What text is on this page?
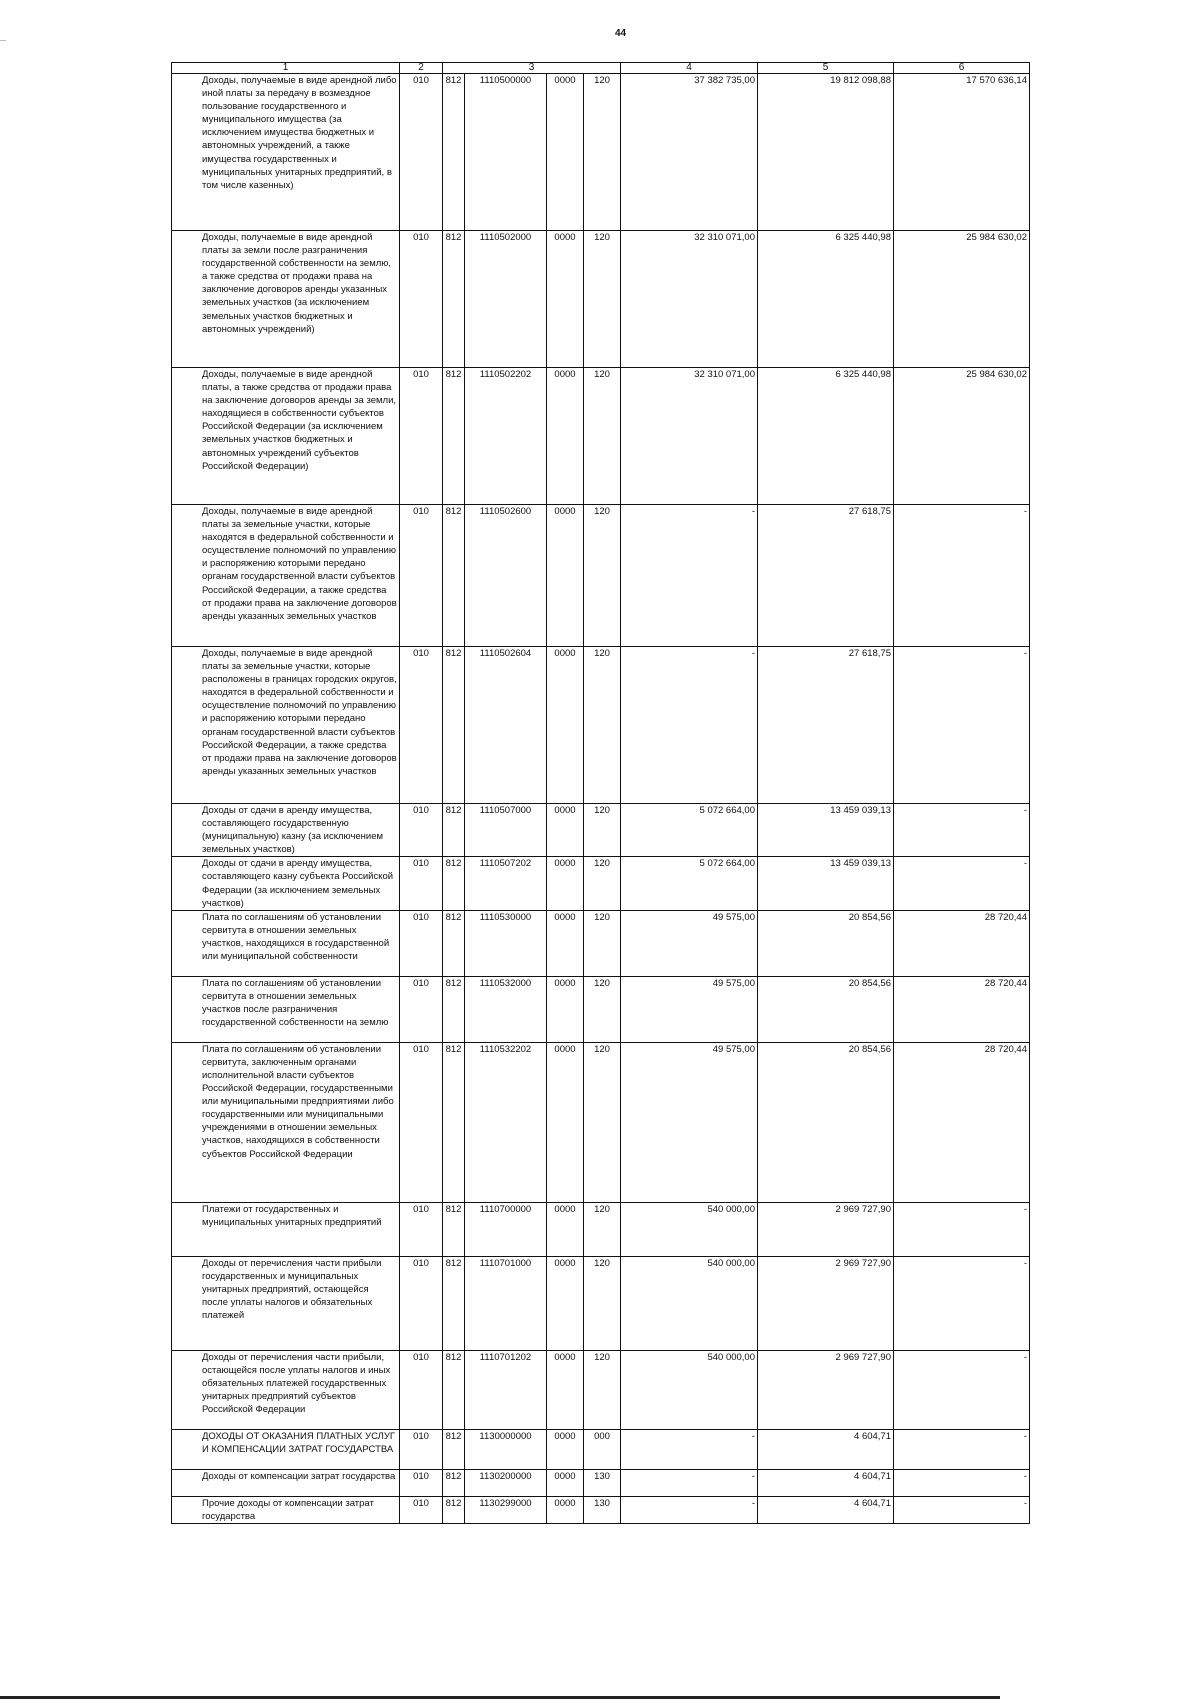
44
1	2	3				4	5	6
Доходы, получаемые в виде арендной либо иной платы за передачу в возмездное пользование государственного и муниципального имущества (за исключением имущества бюджетных и автономных учреждений, а также имущества государственных и муниципальных унитарных предприятий, в том числе казенных)	010	812	1110500000	0000	120	37 382 735,00	19 812 098,88	17 570 636,14
Доходы, получаемые в виде арендной платы за земли после разграничения государственной собственности на землю, а также средства от продажи права на заключение договоров аренды указанных земельных участков (за исключением земельных участков бюджетных и автономных учреждений)	010	812	1110502000	0000	120	32 310 071,00	6 325 440,98	25 984 630,02
Доходы, получаемые в виде арендной платы, а также средства от продажи права на заключение договоров аренды за земли, находящиеся в собственности субъектов Российской Федерации (за исключением земельных участков бюджетных и автономных учреждений субъектов Российской Федерации)	010	812	1110502202	0000	120	32 310 071,00	6 325 440,98	25 984 630,02
Доходы, получаемые в виде арендной платы за земельные участки, которые находятся в федеральной собственности и осуществление полномочий по управлению и распоряжению которыми передано органам государственной власти субъектов Российской Федерации, а также средства от продажи права на заключение договоров аренды указанных земельных участков	010	812	1110502600	0000	120	-	27 618,75	-
Доходы, получаемые в виде арендной платы за земельные участки, которые расположены в границах городских округов, находятся в федеральной собственности и осуществление полномочий по управлению и распоряжению которыми передано органам государственной власти субъектов Российской Федерации, а также средства от продажи права на заключение договоров аренды указанных земельных участков	010	812	1110502604	0000	120	-	27 618,75	-
Доходы от сдачи в аренду имущества, составляющего государственную (муниципальную) казну (за исключением земельных участков)	010	812	1110507000	0000	120	5 072 664,00	13 459 039,13	-
Доходы от сдачи в аренду имущества, составляющего казну субъекта Российской Федерации (за исключением земельных участков)	010	812	1110507202	0000	120	5 072 664,00	13 459 039,13	-
Плата по соглашениям об установлении сервитута в отношении земельных участков, находящихся в государственной или муниципальной собственности	010	812	1110530000	0000	120	49 575,00	20 854,56	28 720,44
Плата по соглашениям об установлении сервитута в отношении земельных участков после разграничения государственной собственности на землю	010	812	1110532000	0000	120	49 575,00	20 854,56	28 720,44
Плата по соглашениям об установлении сервитута, заключенным органами исполнительной власти субъектов Российской Федерации, государственными или муниципальными предприятиями либо государственными или муниципальными учреждениями в отношении земельных участков, находящихся в собственности субъектов Российской Федерации	010	812	1110532202	0000	120	49 575,00	20 854,56	28 720,44
Платежи от государственных и муниципальных унитарных предприятий	010	812	1110700000	0000	120	540 000,00	2 969 727,90	-
Доходы от перечисления части прибыли государственных и муниципальных унитарных предприятий, остающейся после уплаты налогов и обязательных платежей	010	812	1110701000	0000	120	540 000,00	2 969 727,90	-
Доходы от перечисления части прибыли, остающейся после уплаты налогов и иных обязательных платежей государственных унитарных предприятий субъектов Российской Федерации	010	812	1110701202	0000	120	540 000,00	2 969 727,90	-
ДОХОДЫ ОТ ОКАЗАНИЯ ПЛАТНЫХ УСЛУГ И КОМПЕНСАЦИИ ЗАТРАТ ГОСУДАРСТВА	010	812	1130000000	0000	000	-	4 604,71	-
Доходы от компенсации затрат государства	010	812	1130200000	0000	130	-	4 604,71	-
Прочие доходы от компенсации затрат государства	010	812	1130299000	0000	130	-	4 604,71	-
